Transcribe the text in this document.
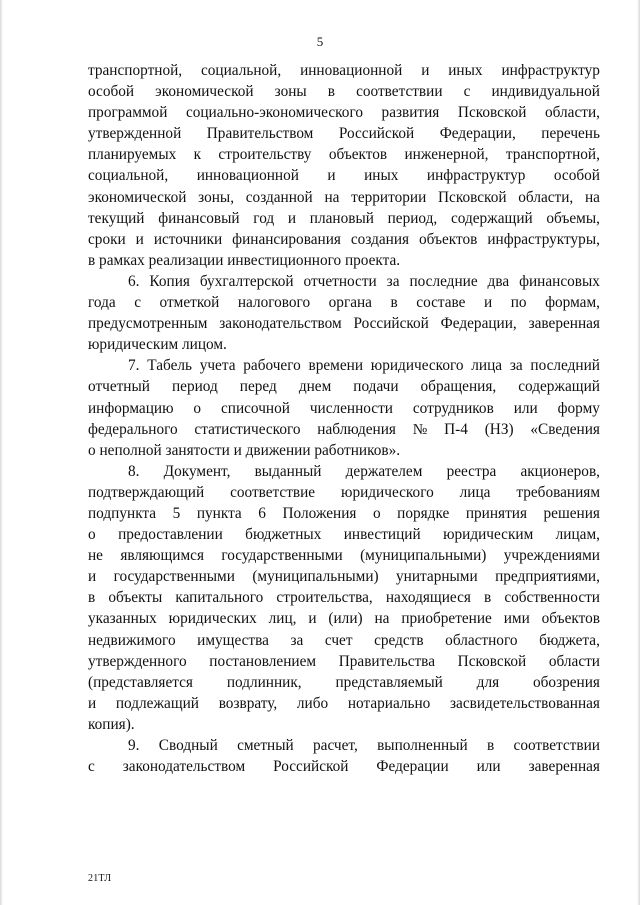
5
транспортной, социальной, инновационной и иных инфраструктур
особой экономической зоны в соответствии с индивидуальной
программой социально-экономического развития Псковской области,
утвержденной Правительством Российской Федерации, перечень
планируемых к строительству объектов инженерной, транспортной,
социальной, инновационной и иных инфраструктур особой
экономической зоны, созданной на территории Псковской области, на
текущий финансовый год и плановый период, содержащий объемы,
сроки и источники финансирования создания объектов инфраструктуры,
в рамках реализации инвестиционного проекта.
6. Копия бухгалтерской отчетности за последние два финансовых
года с отметкой налогового органа в составе и по формам,
предусмотренным законодательством Российской Федерации, заверенная
юридическим лицом.
7. Табель учета рабочего времени юридического лица за последний
отчетный период перед днем подачи обращения, содержащий
информацию о списочной численности сотрудников или форму
федерального статистического наблюдения № П-4 (НЗ) «Сведения
о неполной занятости и движении работников».
8. Документ, выданный держателем реестра акционеров,
подтверждающий соответствие юридического лица требованиям
подпункта 5 пункта 6 Положения о порядке принятия решения
о предоставлении бюджетных инвестиций юридическим лицам,
не являющимся государственными (муниципальными) учреждениями
и государственными (муниципальными) унитарными предприятиями,
в объекты капитального строительства, находящиеся в собственности
указанных юридических лиц, и (или) на приобретение ими объектов
недвижимого имущества за счет средств областного бюджета,
утвержденного постановлением Правительства Псковской области
(представляется подлинник, представляемый для обозрения
и подлежащий возврату, либо нотариально засвидетельствованная
копия).
9. Сводный сметный расчет, выполненный в соответствии
с законодательством Российской Федерации или заверенная
21ТЛ
